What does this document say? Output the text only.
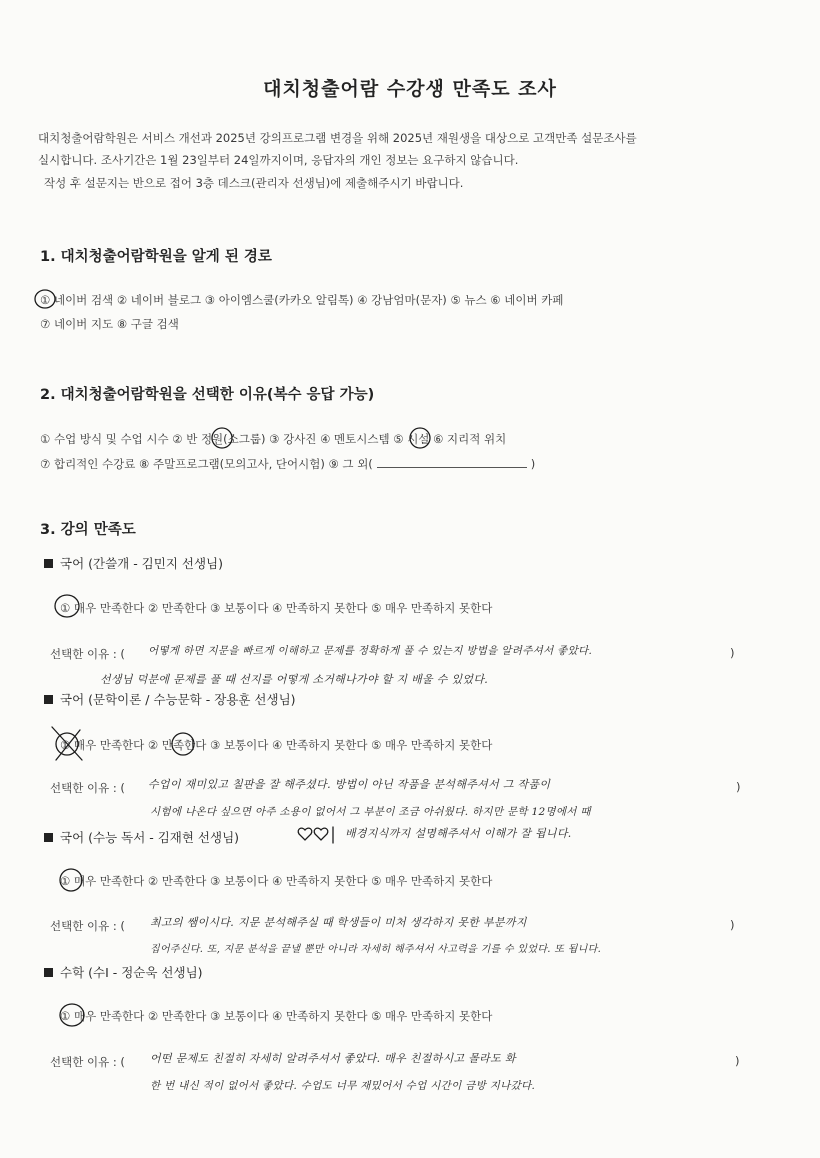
대치청출어람 수강생 만족도 조사
대치청출어람학원은 서비스 개선과 2025년 강의프로그램 변경을 위해 2025년 재원생을 대상으로 고객만족 설문조사를
실시합니다. 조사기간은 1월 23일부터 24일까지이며, 응답자의 개인 정보는 요구하지 않습니다.
작성 후 설문지는 반으로 접어 3층 데스크(관리자 선생님)에 제출해주시기 바랍니다.
1. 대치청출어람학원을 알게 된 경로
① 네이버 검색 ② 네이버 블로그 ③ 아이엠스쿨(카카오 알림톡) ④ 강남엄마(문자) ⑤ 뉴스 ⑥ 네이버 카페
⑦ 네이버 지도 ⑧ 구글 검색
2. 대치청출어람학원을 선택한 이유(복수 응답 가능)
① 수업 방식 및 수업 시수 ② 반 정원(소그룹) ③ 강사진 ④ 멘토시스템 ⑤ 시설 ⑥ 지리적 위치
⑦ 합리적인 수강료 ⑧ 주말프로그램(모의고사, 단어시험) ⑨ 그 외(	)
3. 강의 만족도
국어 (간쓸개 - 김민지 선생님)
① 매우 만족한다 ② 만족한다 ③ 보통이다 ④ 만족하지 못한다 ⑤ 매우 만족하지 못한다
선택한 이유 : ( 어떻게 하면 지문을 빠르게 이해하고 문제를 정확하게 풀 수 있는지 방법을 알려주셔서 좋았다.	)
선생님 덕분에 문제를 풀 때 선지를 어떻게 소거해나가야 할 지 배울 수 있었다.
국어 (문학이론 / 수능문학 - 장용훈 선생님)
① 매우 만족한다 ② 만족한다 ③ 보통이다 ④ 만족하지 못한다 ⑤ 매우 만족하지 못한다
선택한 이유 : ( 수업이 재미있고 칠판을 잘 해주셨다. 방법이 아닌 작품을 분석해주셔서 그 작품이	)
시험에 나온다 싶으면 아주 소용이 없어서 그 부분이 조금 아쉬웠다. 하지만 문학 12명에서 때
국어 (수능 독서 - 김재현 선생님)	배경지식까지 설명해주셔서 이해가 잘 됩니다.
① 매우 만족한다 ② 만족한다 ③ 보통이다 ④ 만족하지 못한다 ⑤ 매우 만족하지 못한다
선택한 이유 : ( 최고의 쌤이시다. 지문 분석해주실 때 학생들이 미처 생각하지 못한 부분까지	)
집어주신다. 또, 지문 분석을 끝낼 뿐만 아니라 자세히 해주셔서 사고력을 기를 수 있었다. 또 됩니다.
수학 (수Ⅰ - 정순욱 선생님)
① 매우 만족한다 ② 만족한다 ③ 보통이다 ④ 만족하지 못한다 ⑤ 매우 만족하지 못한다
선택한 이유 : ( 어떤 문제도 친절히 자세히 알려주셔서 좋았다. 매우 친절하시고 몰라도 화	)
한 번 내신 적이 없어서 좋았다. 수업도 너무 재밌어서 수업 시간이 금방 지나갔다.
